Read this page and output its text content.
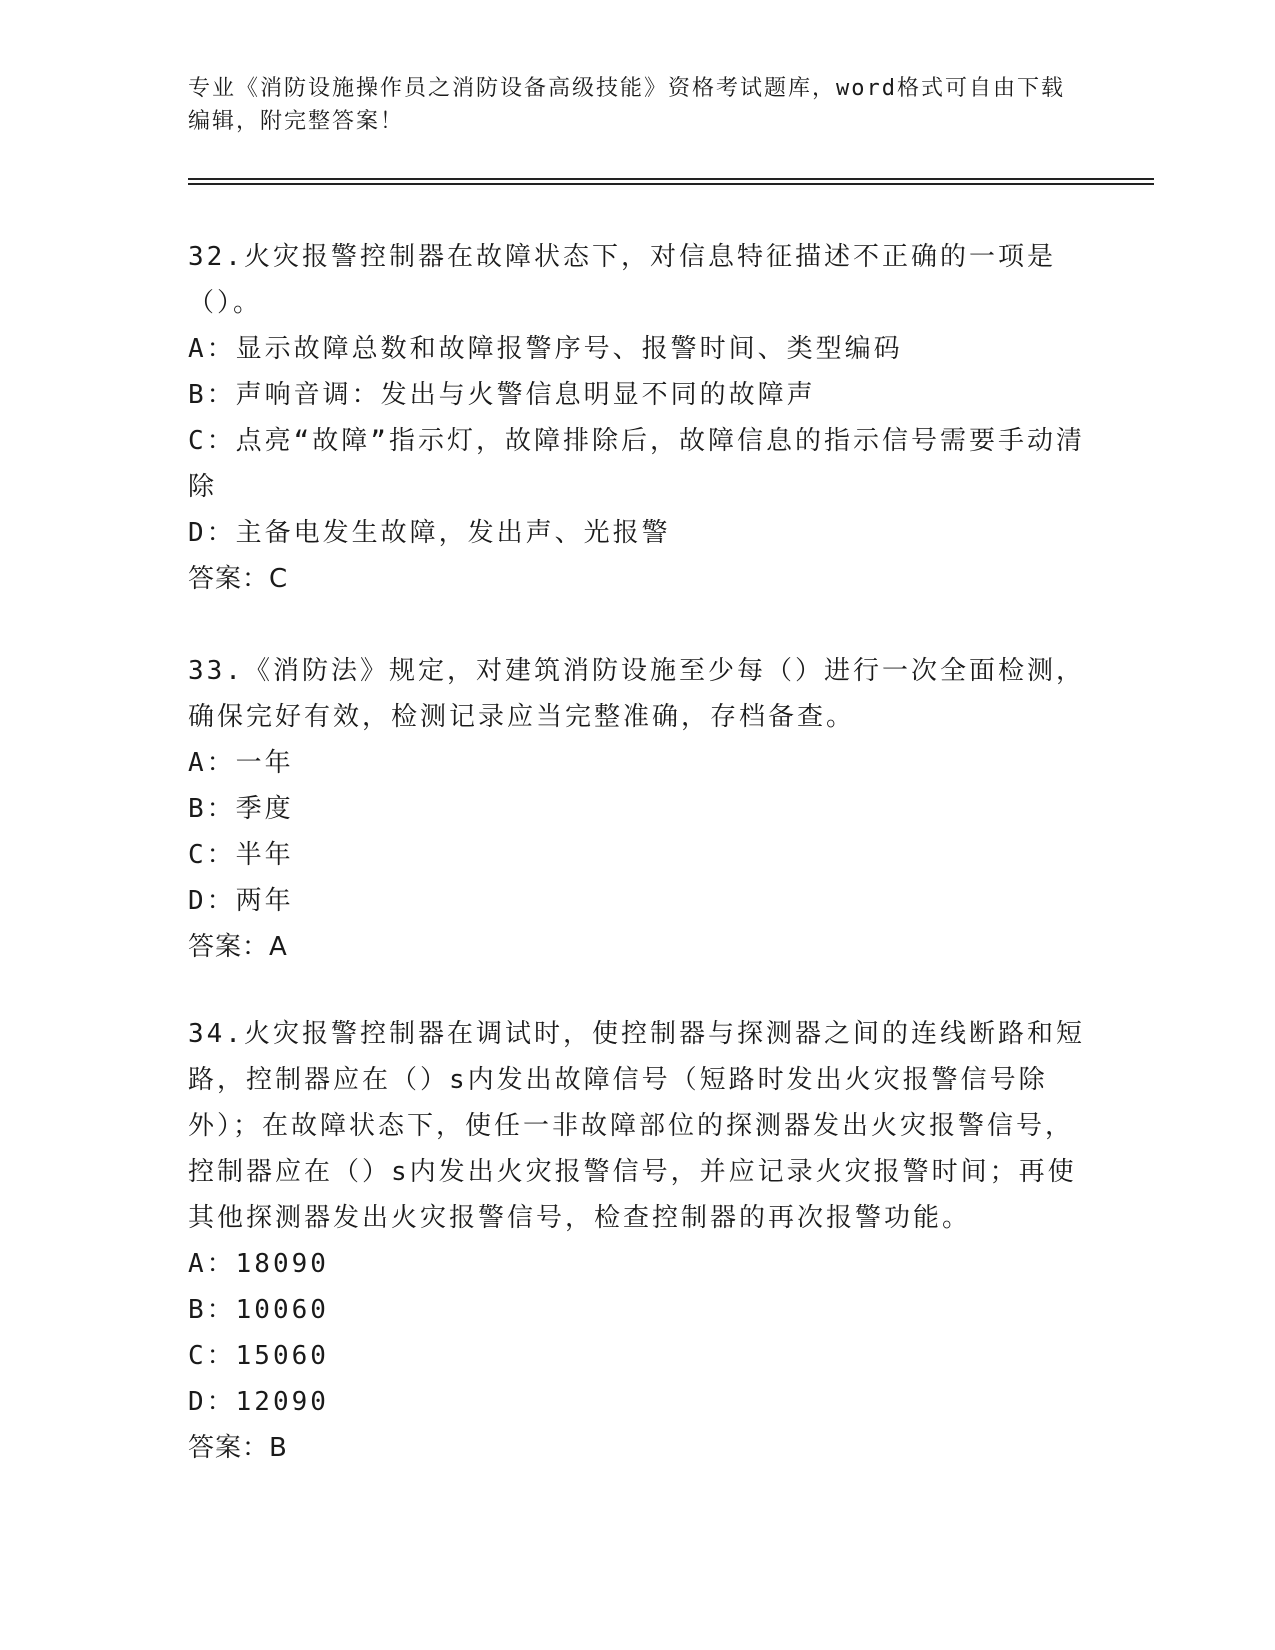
专业《消防设施操作员之消防设备高级技能》资格考试题库，word格式可自由下载编辑，附完整答案！

32.火灾报警控制器在故障状态下，对信息特征描述不正确的一项是（）。

A：显示故障总数和故障报警序号、报警时间、类型编码

B：声响音调：发出与火警信息明显不同的故障声

C：点亮“故障”指示灯，故障排除后，故障信息的指示信号需要手动清除

D：主备电发生故障，发出声、光报警

答案：C

33.《消防法》规定，对建筑消防设施至少每（）进行一次全面检测，确保完好有效，检测记录应当完整准确，存档备查。

A：一年

B：季度

C：半年

D：两年

答案：A

34.火灾报警控制器在调试时，使控制器与探测器之间的连线断路和短路，控制器应在（）s内发出故障信号（短路时发出火灾报警信号除外）；在故障状态下，使任一非故障部位的探测器发出火灾报警信号，控制器应在（）s内发出火灾报警信号，并应记录火灾报警时间；再使其他探测器发出火灾报警信号，检查控制器的再次报警功能。

A：18090

B：10060

C：15060

D：12090

答案：B
